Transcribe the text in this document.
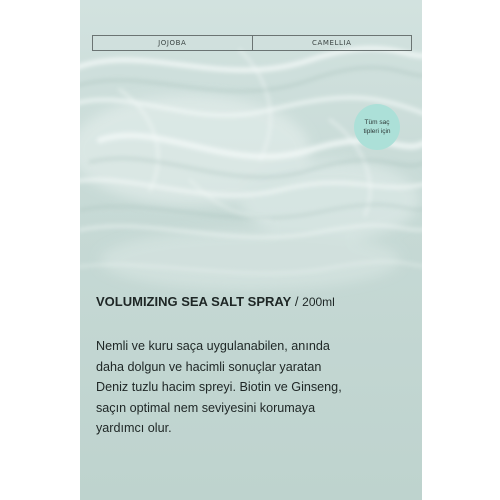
JOJOBA	CAMELLIA
Tüm saç
tipleri için
VOLUMIZING SEA SALT SPRAY / 200ml
Nemli ve kuru saça uygulanabilen, anında
daha dolgun ve hacimli sonuçlar yaratan
Deniz tuzlu hacim spreyi. Biotin ve Ginseng,
saçın optimal nem seviyesini korumaya
yardımcı olur.
